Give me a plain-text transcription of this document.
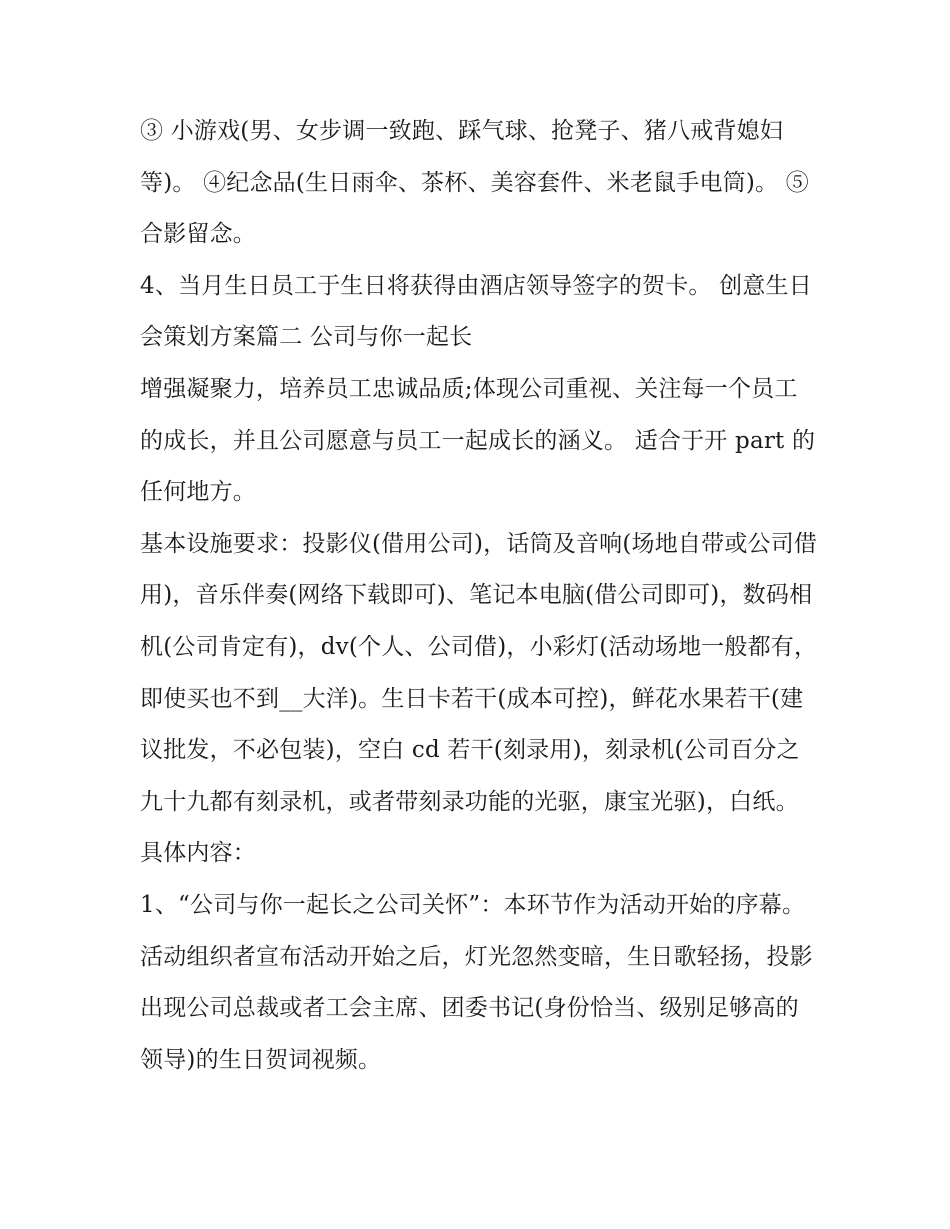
③ 小游戏(男、女步调一致跑、踩气球、抢凳子、猪八戒背媳妇等)。 ④纪念品(生日雨伞、茶杯、美容套件、米老鼠手电筒)。 ⑤合影留念。

4、当月生日员工于生日将获得由酒店领导签字的贺卡。 创意生日会策划方案篇二 公司与你一起长

增强凝聚力，培养员工忠诚品质;体现公司重视、关注每一个员工的成长，并且公司愿意与员工一起成长的涵义。 适合于开 part 的任何地方。

基本设施要求：投影仪(借用公司)，话筒及音响(场地自带或公司借用)，音乐伴奏(网络下载即可)、笔记本电脑(借公司即可)，数码相机(公司肯定有)，dv(个人、公司借)，小彩灯(活动场地一般都有，即使买也不到__大洋)。生日卡若干(成本可控)，鲜花水果若干(建议批发，不必包装)，空白 cd 若干(刻录用)，刻录机(公司百分之九十九都有刻录机，或者带刻录功能的光驱，康宝光驱)，白纸。

具体内容：

1、“公司与你一起长之公司关怀”：本环节作为活动开始的序幕。活动组织者宣布活动开始之后，灯光忽然变暗，生日歌轻扬，投影出现公司总裁或者工会主席、团委书记(身份恰当、级别足够高的领导)的生日贺词视频。
